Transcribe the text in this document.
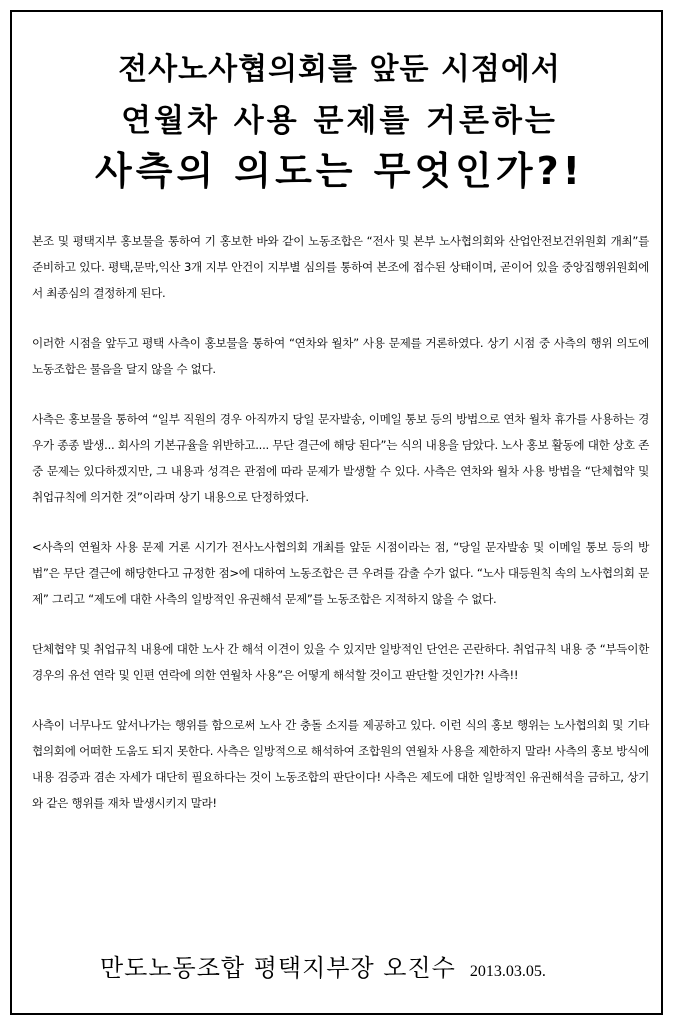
전사노사협의회를 앞둔 시점에서
연월차 사용 문제를 거론하는
사측의 의도는 무엇인가?!

본조 및 평택지부 홍보물을 통하여 기 홍보한 바와 같이 노동조합은 “전사 및 본부 노사협의회와 산업안전보건위원회 개최”를 준비하고 있다. 평택,문막,익산 3개 지부 안건이 지부별 심의를 통하여 본조에 접수된 상태이며, 곧이어 있을 중앙집행위원회에서 최종심의 결정하게 된다.

이러한 시점을 앞두고 평택 사측이 홍보물을 통하여 “연차와 월차” 사용 문제를 거론하였다. 상기 시점 중 사측의 행위 의도에 노동조합은 물음을 달지 않을 수 없다.

사측은 홍보물을 통하여 “일부 직원의 경우 아직까지 당일 문자발송, 이메일 통보 등의 방법으로 연차 월차 휴가를 사용하는 경우가 종종 발생... 회사의 기본규율을 위반하고.... 무단 결근에 해당 된다”는 식의 내용을 담았다. 노사 홍보 활동에 대한 상호 존중 문제는 있다하겠지만, 그 내용과 성격은 관점에 따라 문제가 발생할 수 있다. 사측은 연차와 월차 사용 방법을 “단체협약 및 취업규칙에 의거한 것”이라며 상기 내용으로 단정하였다.

<사측의 연월차 사용 문제 거론 시기가 전사노사협의회 개최를 앞둔 시점이라는 점, “당일 문자발송 및 이메일 통보 등의 방법”은 무단 결근에 해당한다고 규정한 점>에 대하여 노동조합은 큰 우려를 감출 수가 없다. “노사 대등원칙 속의 노사협의회 문제” 그리고 “제도에 대한 사측의 일방적인 유권해석 문제”를 노동조합은 지적하지 않을 수 없다.

단체협약 및 취업규칙 내용에 대한 노사 간 해석 이견이 있을 수 있지만 일방적인 단언은 곤란하다. 취업규칙 내용 중 “부득이한 경우의 유선 연락 및 인편 연락에 의한 연월차 사용”은 어떻게 해석할 것이고 판단할 것인가?! 사측!!

사측이 너무나도 앞서나가는 행위를 함으로써 노사 간 충돌 소지를 제공하고 있다. 이런 식의 홍보 행위는 노사협의회 및 기타 협의회에 어떠한 도움도 되지 못한다. 사측은 일방적으로 해석하여 조합원의 연월차 사용을 제한하지 말라! 사측의 홍보 방식에 내용 검증과 겸손 자세가 대단히 필요하다는 것이 노동조합의 판단이다! 사측은 제도에 대한 일방적인 유권해석을 금하고, 상기와 같은 행위를 재차 발생시키지 말라!

만도노동조합 평택지부장 오진수 2013.03.05.
